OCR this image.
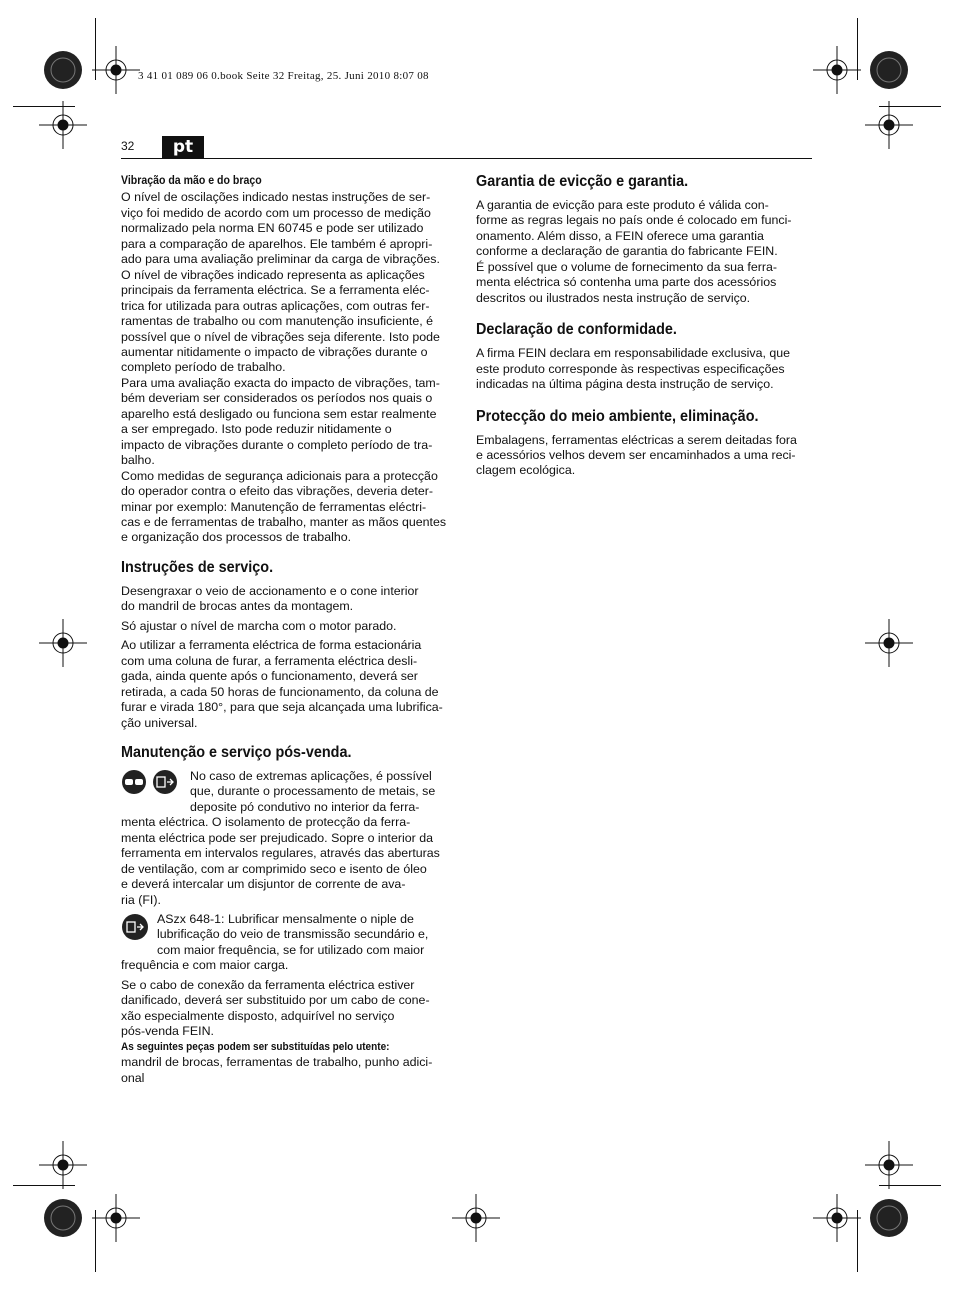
3 41 01 089 06 0.book Seite 32 Freitag, 25. Juni 2010 8:07 08
32	pt
Vibração da mão e do braço
O nível de oscilações indicado nestas instruções de ser-
viço foi medido de acordo com um processo de medição
normalizado pela norma EN 60745 e pode ser utilizado
para a comparação de aparelhos. Ele também é apropri-
ado para uma avaliação preliminar da carga de vibrações.
O nível de vibrações indicado representa as aplicações
principais da ferramenta eléctrica. Se a ferramenta eléc-
trica for utilizada para outras aplicações, com outras fer-
ramentas de trabalho ou com manutenção insuficiente, é
possível que o nível de vibrações seja diferente. Isto pode
aumentar nitidamente o impacto de vibrações durante o
completo período de trabalho.
Para uma avaliação exacta do impacto de vibrações, tam-
bém deveriam ser considerados os períodos nos quais o
aparelho está desligado ou funciona sem estar realmente
a ser empregado. Isto pode reduzir nitidamente o
impacto de vibrações durante o completo período de tra-
balho.
Como medidas de segurança adicionais para a protecção
do operador contra o efeito das vibrações, deveria deter-
minar por exemplo: Manutenção de ferramentas eléctri-
cas e de ferramentas de trabalho, manter as mãos quentes
e organização dos processos de trabalho.
Instruções de serviço.
Desengraxar o veio de accionamento e o cone interior
do mandril de brocas antes da montagem.
Só ajustar o nível de marcha com o motor parado.
Ao utilizar a ferramenta eléctrica de forma estacionária
com uma coluna de furar, a ferramenta eléctrica desli-
gada, ainda quente após o funcionamento, deverá ser
retirada, a cada 50 horas de funcionamento, da coluna de
furar e virada 180°, para que seja alcançada uma lubrifica-
ção universal.
Manutenção e serviço pós-venda.
No caso de extremas aplicações, é possível
que, durante o processamento de metais, se
deposite pó condutivo no interior da ferra-
menta eléctrica. O isolamento de protecção da ferra-
menta eléctrica pode ser prejudicado. Sopre o interior da
ferramenta em intervalos regulares, através das aberturas
de ventilação, com ar comprimido seco e isento de óleo
e deverá intercalar um disjuntor de corrente de ava-
ria (FI).
ASzx 648-1: Lubrificar mensalmente o niple de
lubrificação do veio de transmissão secundário e,
com maior frequência, se for utilizado com maior
frequência e com maior carga.
Se o cabo de conexão da ferramenta eléctrica estiver
danificado, deverá ser substituido por um cabo de cone-
xão especialmente disposto, adquirível no serviço
pós-venda FEIN.
As seguintes peças podem ser substituídas pelo utente:
mandril de brocas, ferramentas de trabalho, punho adici-
onal
Garantia de evicção e garantia.
A garantia de evicção para este produto é válida con-
forme as regras legais no país onde é colocado em funci-
onamento. Além disso, a FEIN oferece uma garantia
conforme a declaração de garantia do fabricante FEIN.
É possível que o volume de fornecimento da sua ferra-
menta eléctrica só contenha uma parte dos acessórios
descritos ou ilustrados nesta instrução de serviço.
Declaração de conformidade.
A firma FEIN declara em responsabilidade exclusiva, que
este produto corresponde às respectivas especificações
indicadas na última página desta instrução de serviço.
Protecção do meio ambiente, eliminação.
Embalagens, ferramentas eléctricas a serem deitadas fora
e acessórios velhos devem ser encaminhados a uma reci-
clagem ecológica.
